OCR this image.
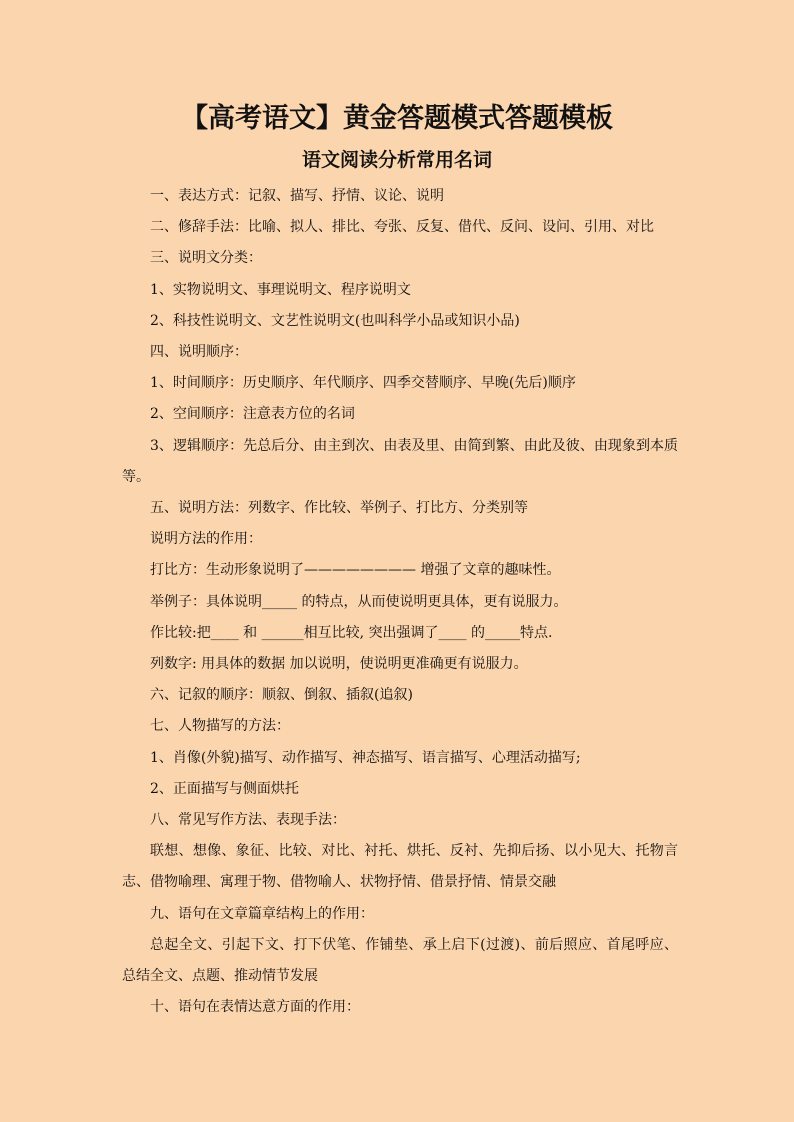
【高考语文】黄金答题模式答题模板
语文阅读分析常用名词

一、表达方式：记叙、描写、抒情、议论、说明

二、修辞手法：比喻、拟人、排比、夸张、反复、借代、反问、设问、引用、对比

三、说明文分类：

1、实物说明文、事理说明文、程序说明文

2、科技性说明文、文艺性说明文(也叫科学小品或知识小品)

四、说明顺序：

1、时间顺序：历史顺序、年代顺序、四季交替顺序、早晚(先后)顺序

2、空间顺序：注意表方位的名词

3、逻辑顺序：先总后分、由主到次、由表及里、由简到繁、由此及彼、由现象到本质等。

五、说明方法：列数字、作比较、举例子、打比方、分类别等

说明方法的作用：

打比方：生动形象说明了———————— 增强了文章的趣味性。

举例子：具体说明_____ 的特点，从而使说明更具体，更有说服力。

作比较:把____ 和 ______相互比较, 突出强调了____ 的_____特点.

列数字: 用具体的数据 加以说明，使说明更准确更有说服力。

六、记叙的顺序：顺叙、倒叙、插叙(追叙)

七、人物描写的方法：

1、肖像(外貌)描写、动作描写、神态描写、语言描写、心理活动描写;

2、正面描写与侧面烘托

八、常见写作方法、表现手法：

联想、想像、象征、比较、对比、衬托、烘托、反衬、先抑后扬、以小见大、托物言志、借物喻理、寓理于物、借物喻人、状物抒情、借景抒情、情景交融

九、语句在文章篇章结构上的作用：

总起全文、引起下文、打下伏笔、作铺垫、承上启下(过渡)、前后照应、首尾呼应、总结全文、点题、推动情节发展

十、语句在表情达意方面的作用：
